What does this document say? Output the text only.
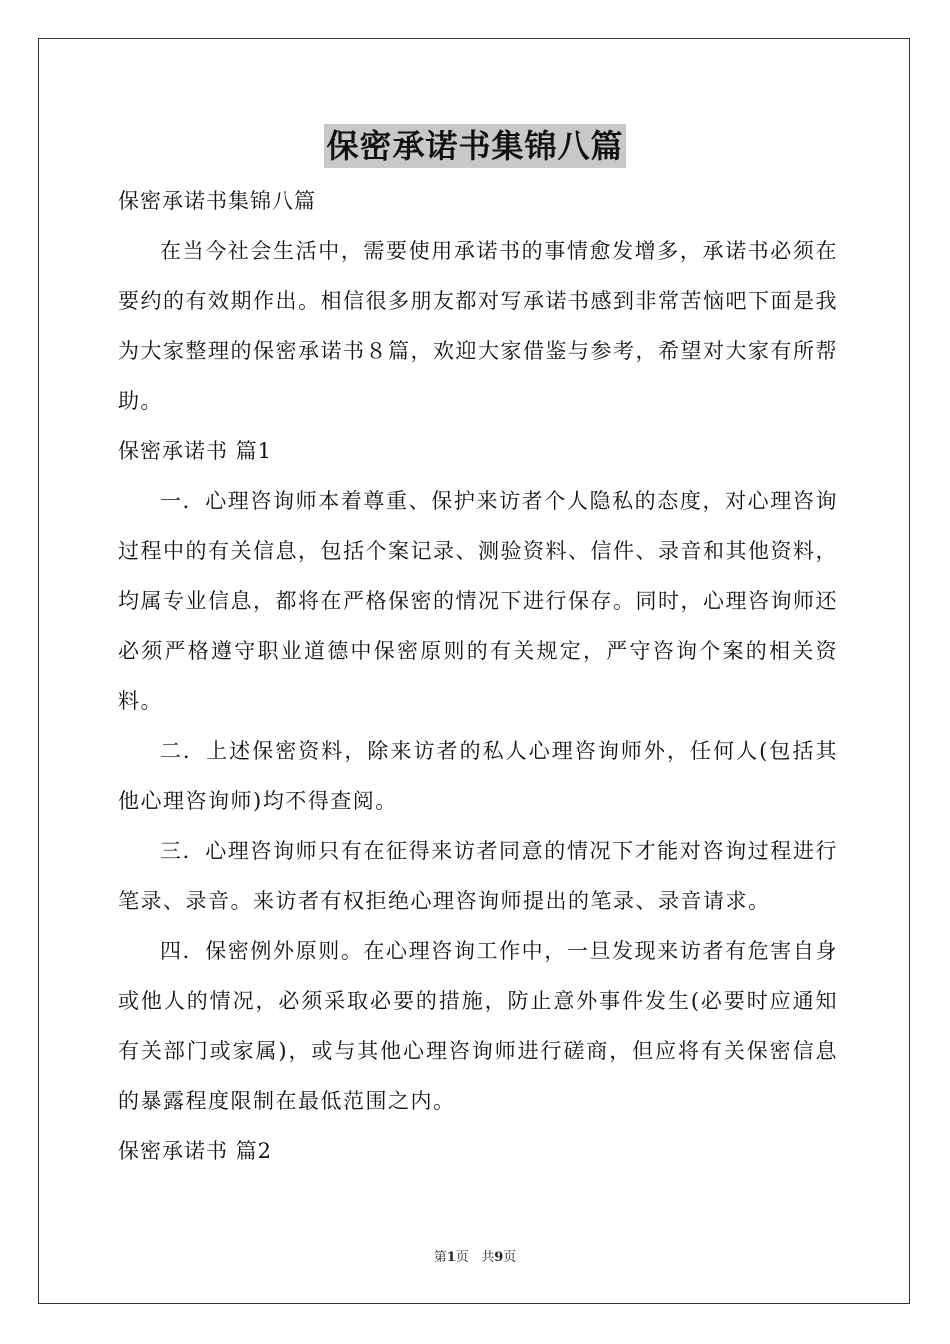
保密承诺书集锦八篇

保密承诺书集锦八篇

在当今社会生活中，需要使用承诺书的事情愈发增多，承诺书必须在要约的有效期作出。相信很多朋友都对写承诺书感到非常苦恼吧下面是我为大家整理的保密承诺书８篇，欢迎大家借鉴与参考，希望对大家有所帮助。

保密承诺书 篇1

一．心理咨询师本着尊重、保护来访者个人隐私的态度，对心理咨询过程中的有关信息，包括个案记录、测验资料、信件、录音和其他资料，均属专业信息，都将在严格保密的情况下进行保存。同时，心理咨询师还必须严格遵守职业道德中保密原则的有关规定，严守咨询个案的相关资料。

二．上述保密资料，除来访者的私人心理咨询师外，任何人(包括其他心理咨询师)均不得查阅。

三．心理咨询师只有在征得来访者同意的情况下才能对咨询过程进行笔录、录音。来访者有权拒绝心理咨询师提出的笔录、录音请求。

四．保密例外原则。在心理咨询工作中，一旦发现来访者有危害自身或他人的情况，必须采取必要的措施，防止意外事件发生(必要时应通知有关部门或家属)，或与其他心理咨询师进行磋商，但应将有关保密信息的暴露程度限制在最低范围之内。

保密承诺书 篇2

第1页 共9页
